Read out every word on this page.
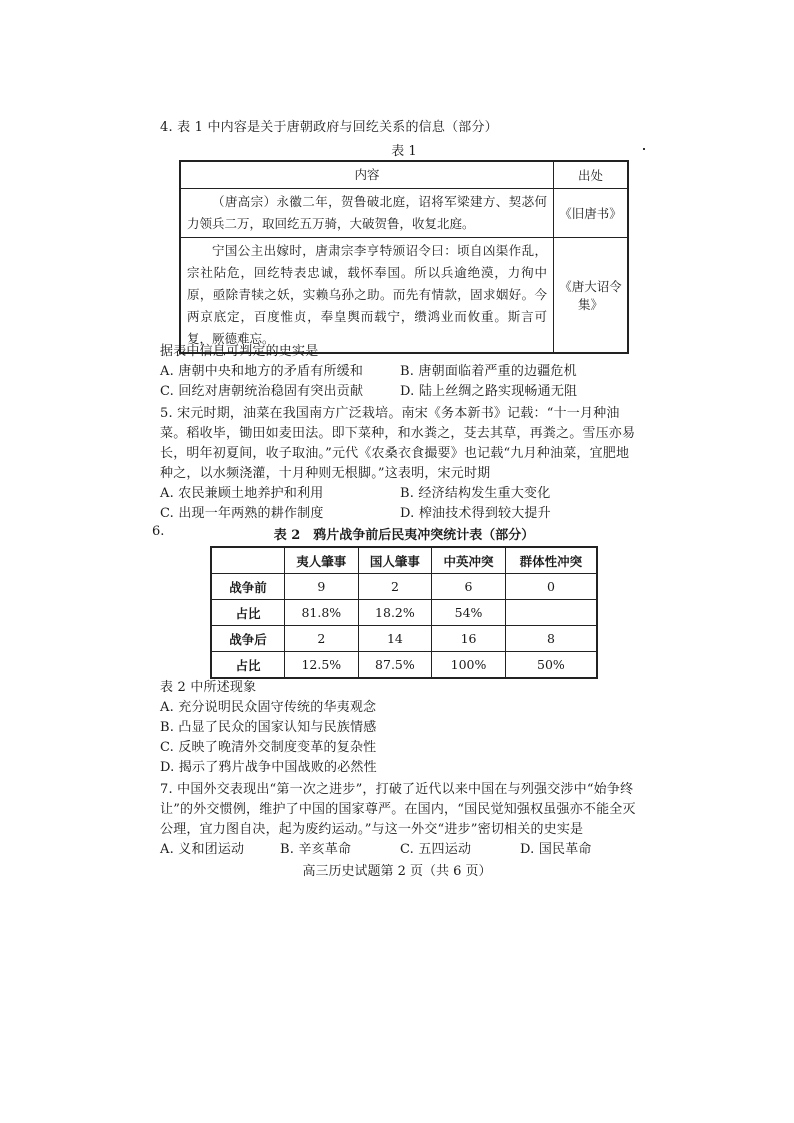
4. 表 1 中内容是关于唐朝政府与回纥关系的信息（部分）

表 1
内容	出处
（唐高宗）永徽二年，贺鲁破北庭，诏将军梁建方、契苾何力领兵二万，取回纥五万骑，大破贺鲁，收复北庭。	《旧唐书》
宁国公主出嫁时，唐肃宗李亨特颁诏令曰：顷自凶渠作乱，宗社阽危，回纥特表忠诚，载怀奉国。所以兵逾绝漠，力徇中原，亟除青犊之妖，实赖乌孙之助。而先有情款，固求姻好。今两京底定，百度惟贞，奉皇舆而载宁，缵鸿业而攸重。斯言可复，厥德难忘。	《唐大诏令集》
据表中信息可判定的史实是
A. 唐朝中央和地方的矛盾有所缓和	B. 唐朝面临着严重的边疆危机
C. 回纥对唐朝统治稳固有突出贡献	D. 陆上丝绸之路实现畅通无阻

5. 宋元时期，油菜在我国南方广泛栽培。南宋《务本新书》记载：“十一月种油菜。稻收毕，锄田如麦田法。即下菜种，和水粪之，芟去其草，再粪之。雪压亦易长，明年初夏间，收子取油。”元代《农桑衣食撮要》也记载“九月种油菜，宜肥地种之，以水频浇灌，十月种则无根脚。”这表明，宋元时期

A. 农民兼顾土地养护和利用	B. 经济结构发生重大变化
C. 出现一年两熟的耕作制度	D. 榨油技术得到较大提升
6.	表 2　鸦片战争前后民夷冲突统计表（部分）
	夷人肇事	国人肇事	中英冲突	群体性冲突
战争前	9	2	6	0
占比	81.8%	18.2%	54%	
战争后	2	14	16	8
占比	12.5%	87.5%	100%	50%
表 2 中所述现象
A. 充分说明民众固守传统的华夷观念
B. 凸显了民众的国家认知与民族情感
C. 反映了晚清外交制度变革的复杂性
D. 揭示了鸦片战争中国战败的必然性

7. 中国外交表现出“第一次之进步”，打破了近代以来中国在与列强交涉中“始争终让”的外交惯例，维护了中国的国家尊严。在国内，“国民觉知强权虽强亦不能全灭公理，宜力图自决，起为废约运动。”与这一外交“进步”密切相关的史实是

A. 义和团运动	B. 辛亥革命	C. 五四运动	D. 国民革命
高三历史试题第 2 页（共 6 页）
